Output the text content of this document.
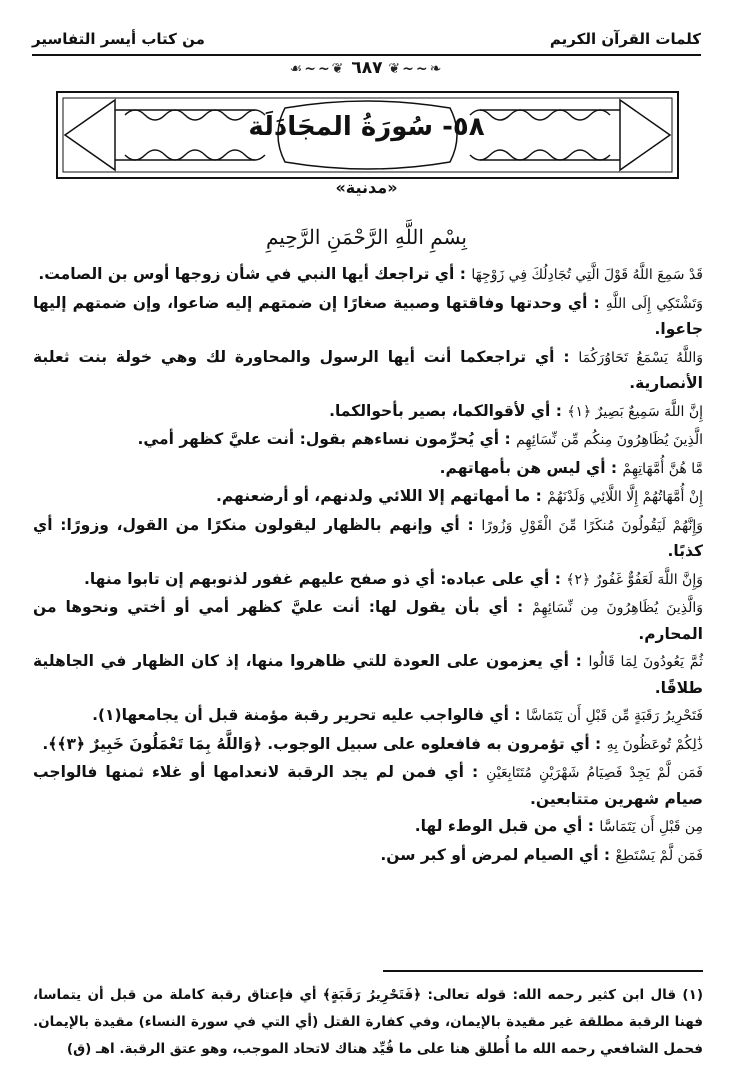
كلمات القرآن الكريم
من كتاب أيسر التفاسير
❧~~❦ ٦٨٧ ❦~~☙
٥٨- سُورَةُ المجَادَلَة
«مدنية»
بِسْمِ اللَّهِ الرَّحْمَنِ الرَّحِيمِ

قَدْ سَمِعَ اللَّهُ قَوْلَ الَّتِي تُجَادِلُكَ فِي زَوْجِهَا : أي تراجعك أيها النبي في شأن زوجها أوس بن الصامت.

وَتَشْتَكِي إِلَى اللَّهِ : أي وحدتها وفاقتها وصبية صغارًا إن ضمتهم إليه ضاعوا، وإن ضمتهم إليها جاعوا.

وَاللَّهُ يَسْمَعُ تَحَاوُرَكُمَا : أي تراجعكما أنت أيها الرسول والمحاورة لك وهي خولة بنت ثعلبة الأنصارية.

إِنَّ اللَّهَ سَمِيعٌ بَصِيرٌ ﴿١﴾ : أي لأقوالكما، بصير بأحوالكما.

الَّذِينَ يُظَاهِرُونَ مِنكُم مِّن نِّسَائِهِم : أي يُحرِّمون نساءهم بقول: أنت عليَّ كظهر أمي.

مَّا هُنَّ أُمَّهَاتِهِمْ : أي ليس هن بأمهاتهم.

إِنْ أُمَّهَاتُهُمْ إِلَّا اللَّائِي وَلَدْنَهُمْ : ما أمهاتهم إلا اللائي ولدنهم، أو أرضعنهم.

وَإِنَّهُمْ لَيَقُولُونَ مُنكَرًا مِّنَ الْقَوْلِ وَزُورًا : أي وإنهم بالظهار ليقولون منكرًا من القول، وزورًا: أي كذبًا.

وَإِنَّ اللَّهَ لَعَفُوٌّ غَفُورٌ ﴿٢﴾ : أي على عباده: أي ذو صفح عليهم غفور لذنوبهم إن تابوا منها.

وَالَّذِينَ يُظَاهِرُونَ مِن نِّسَائِهِمْ : أي بأن يقول لها: أنت عليَّ كظهر أمي أو أختي ونحوها من المحارم.

ثُمَّ يَعُودُونَ لِمَا قَالُوا : أي يعزمون على العودة للتي ظاهروا منها، إذ كان الظهار في الجاهلية طلاقًا.

فَتَحْرِيرُ رَقَبَةٍ مِّن قَبْلِ أَن يَتَمَاسَّا : أي فالواجب عليه تحرير رقبة مؤمنة قبل أن يجامعها(١).

ذَٰلِكُمْ تُوعَظُونَ بِهِ : أي تؤمرون به فافعلوه على سبيل الوجوب. ﴿وَاللَّهُ بِمَا تَعْمَلُونَ خَبِيرٌ ﴿٣﴾﴾.

فَمَن لَّمْ يَجِدْ فَصِيَامُ شَهْرَيْنِ مُتَتَابِعَيْنِ : أي فمن لم يجد الرقبة لانعدامها أو غلاء ثمنها فالواجب صيام شهرين متتابعين.

مِن قَبْلِ أَن يَتَمَاسَّا : أي من قبل الوطء لها.

فَمَن لَّمْ يَسْتَطِعْ : أي الصيام لمرض أو كبر سن.

(١) قال ابن كثير رحمه الله: قوله تعالى: ﴿فَتَحْرِيرُ رَقَبَةٍ﴾ أي فإعتاق رقبة كاملة من قبل أن يتماسا، فهنا الرقبة مطلقة غير مقيدة بالإيمان، وفي كفارة القتل (أي التي في سورة النساء) مقيدة بالإيمان. فحمل الشافعي رحمه الله ما أُطلق هنا على ما قُيِّد هناك لاتحاد الموجب، وهو عتق الرقبة. اهـ (ق)
